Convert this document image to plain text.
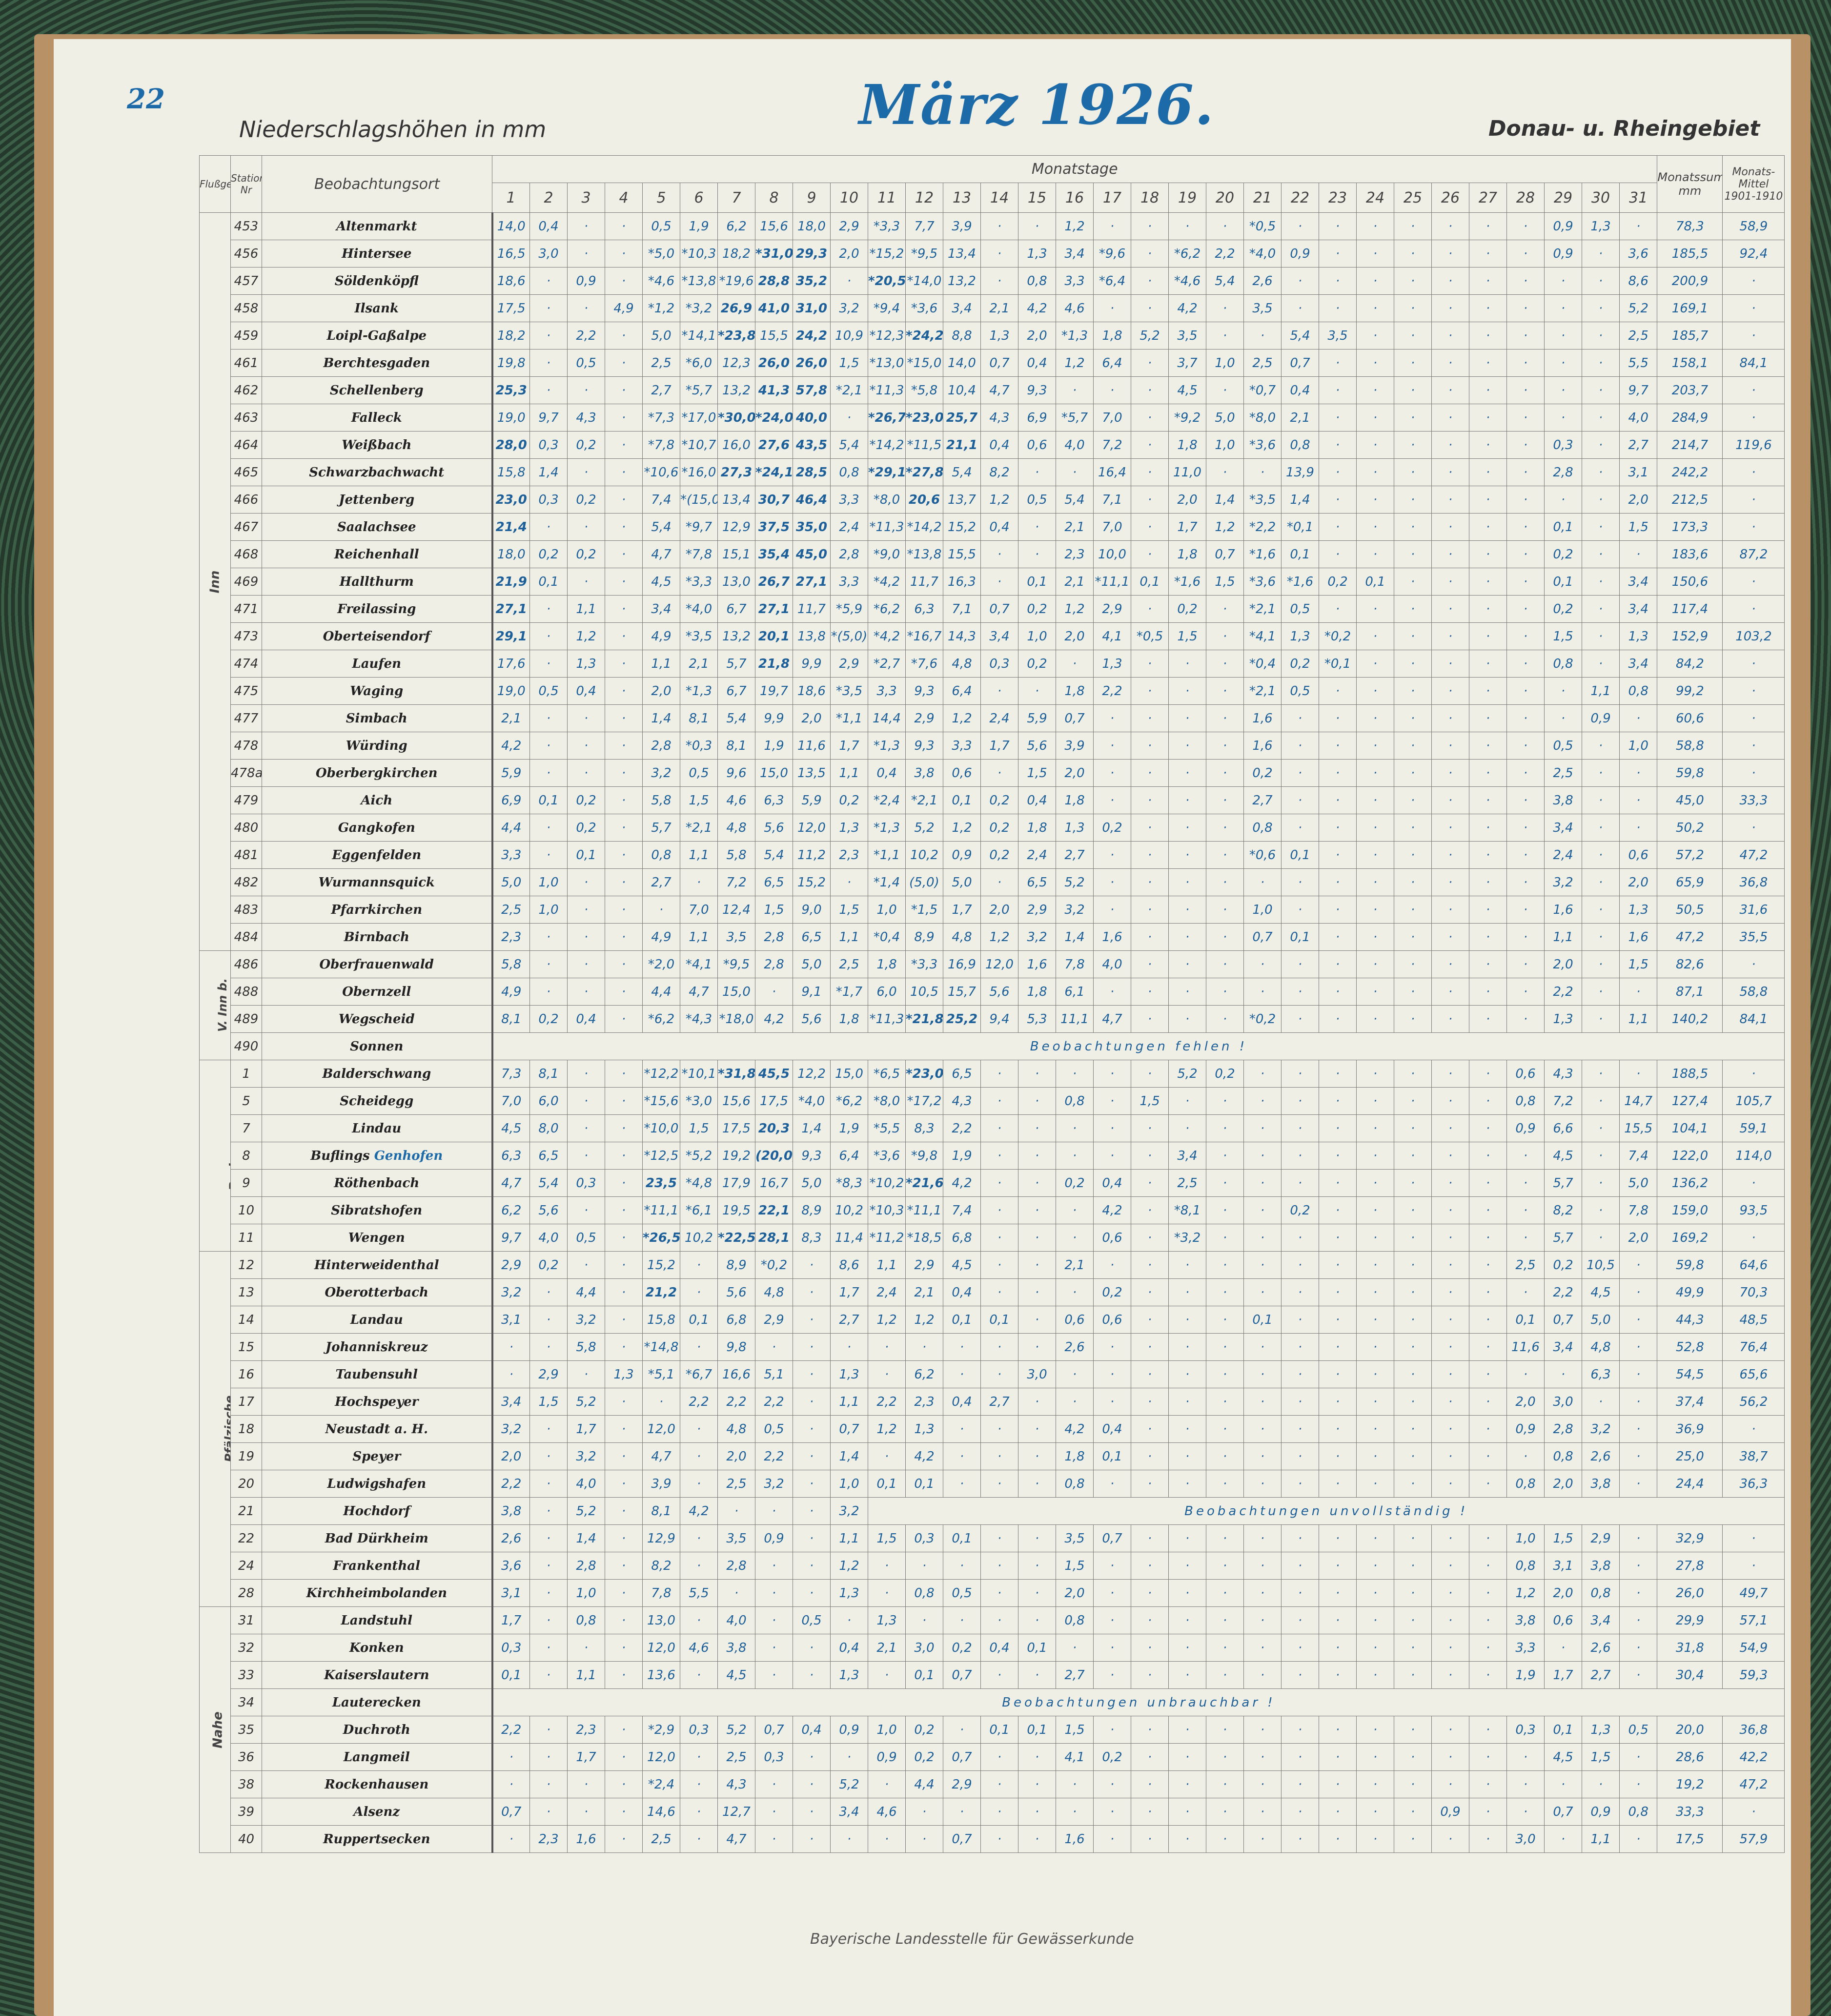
22	März 1926.
Niederschlagshöhen in mm	Donau- u. Rheingebiet
Flußg	Statio Nr	Beobachtungsort	Monatstage																															Monatssu mm	Monats-Mittel 1901-1910
			1	2	3	4	5	6	7	8	9	10	11	12	13	14	15	16	17	18	19	20	21	22	23	24	25	26	27	28	29	30	31		
Inn	453	Altenmarkt	14,0	0,4	·	·	0,5	1,9	6,2	15,6	18,0	2,9	*3,3	7,7	3,9	·	·	1,2	·	·	·	·	*0,5	·	·	·	·	·	·	·	0,9	1,3	·	78,3	58,9
	456	Hintersee	16,5	3,0	·	·	*5,0	*10,3	18,2	*31,0	29,3	2,0	*15,2	*9,5	13,4	·	1,3	3,4	*9,6	·	*6,2	2,2	*4,0	0,9	·	·	·	·	·	·	0,9	·	3,6	185,5	92,4
	457	Söldenköpfl	18,6	·	0,9	·	*4,6	*13,8	*19,6	28,8	35,2	·	*20,5	*14,0	13,2	·	0,8	3,3	*6,4	·	*4,6	5,4	2,6	·	·	·	·	·	·	·	·	·	8,6	200,9	·
	458	Ilsank	17,5	·	·	4,9	*1,2	*3,2	26,9	41,0	31,0	3,2	*9,4	*3,6	3,4	2,1	4,2	4,6	·	·	4,2	·	3,5	·	·	·	·	·	·	·	·	·	5,2	169,1	·
	459	Loipl-Gaßalpe	18,2	·	2,2	·	5,0	*14,1	*23,8	15,5	24,2	10,9	*12,3	*24,2	8,8	1,3	2,0	*1,3	1,8	5,2	3,5	·	·	5,4	3,5	·	·	·	·	·	·	·	2,5	185,7	·
	461	Berchtesgaden	19,8	·	0,5	·	2,5	*6,0	12,3	26,0	26,0	1,5	*13,0	*15,0	14,0	0,7	0,4	1,2	6,4	·	3,7	1,0	2,5	0,7	·	·	·	·	·	·	·	·	5,5	158,1	84,1
	462	Schellenberg	25,3	·	·	·	2,7	*5,7	13,2	41,3	57,8	*2,1	*11,3	*5,8	10,4	4,7	9,3	·	·	·	4,5	·	*0,7	0,4	·	·	·	·	·	·	·	·	9,7	203,7	·
	463	Falleck	19,0	9,7	4,3	·	*7,3	*17,0	*30,0	*24,0	40,0	·	*26,7	*23,0	25,7	4,3	6,9	*5,7	7,0	·	*9,2	5,0	*8,0	2,1	·	·	·	·	·	·	·	·	4,0	284,9	·
	464	Weißbach	28,0	0,3	0,2	·	*7,8	*10,7	16,0	27,6	43,5	5,4	*14,2	*11,5	21,1	0,4	0,6	4,0	7,2	·	1,8	1,0	*3,6	0,8	·	·	·	·	·	·	0,3	·	2,7	214,7	119,6
	465	Schwarzbachwacht	15,8	1,4	·	·	*10,6	*16,0	27,3	*24,1	28,5	0,8	*29,1	*27,8	5,4	8,2	·	·	16,4	·	11,0	·	·	13,9	·	·	·	·	·	·	2,8	·	3,1	242,2	·
	466	Jettenberg	23,0	0,3	0,2	·	7,4	*(15,	13,4	30,7	46,4	3,3	*8,0	20,6	13,7	1,2	0,5	5,4	7,1	·	2,0	1,4	*3,5	1,4	·	·	·	·	·	·	·	·	2,0	212,5	·
	467	Saalachsee	21,4	·	·	·	5,4	*9,7	12,9	37,5	35,0	2,4	*11,3	*14,2	15,2	0,4	·	2,1	7,0	·	1,7	1,2	*2,2	*0,1	·	·	·	·	·	·	0,1	·	1,5	173,3	·
	468	Reichenhall	18,0	0,2	0,2	·	4,7	*7,8	15,1	35,4	45,0	2,8	*9,0	*13,8	15,5	·	·	2,3	10,0	·	1,8	0,7	*1,6	0,1	·	·	·	·	·	·	0,2	·	·	183,6	87,2
	469	Hallthurm	21,9	0,1	·	·	4,5	*3,3	13,0	26,7	27,1	3,3	*4,2	11,7	16,3	·	0,1	2,1	*11,1	0,1	*1,6	1,5	*3,6	*1,6	0,2	0,1	·	·	·	·	0,1	·	3,4	150,6	·
	471	Freilassing	27,1	·	1,1	·	3,4	*4,0	6,7	27,1	11,7	*5,9	*6,2	6,3	7,1	0,7	0,2	1,2	2,9	·	0,2	·	*2,1	0,5	·	·	·	·	·	·	0,2	·	3,4	117,4	·
	473	Oberteisendorf	29,1	·	1,2	·	4,9	*3,5	13,2	20,1	13,8	*(5,0)	*4,2	*16,7	14,3	3,4	1,0	2,0	4,1	*0,5	1,5	·	*4,1	1,3	*0,2	·	·	·	·	·	1,5	·	1,3	152,9	103,2
	474	Laufen	17,6	·	1,3	·	1,1	2,1	5,7	21,8	9,9	2,9	*2,7	*7,6	4,8	0,3	0,2	·	1,3	·	·	·	*0,4	0,2	*0,1	·	·	·	·	·	0,8	·	3,4	84,2	·
	475	Waging	19,0	0,5	0,4	·	2,0	*1,3	6,7	19,7	18,6	*3,5	3,3	9,3	6,4	·	·	1,8	2,2	·	·	·	*2,1	0,5	·	·	·	·	·	·	·	1,1	0,8	99,2	·
	477	Simbach	2,1	·	·	·	1,4	8,1	5,4	9,9	2,0	*1,1	14,4	2,9	1,2	2,4	5,9	0,7	·	·	·	·	1,6	·	·	·	·	·	·	·	·	0,9	·	60,6	·
	478	Würding	4,2	·	·	·	2,8	*0,3	8,1	1,9	11,6	1,7	*1,3	9,3	3,3	1,7	5,6	3,9	·	·	·	·	1,6	·	·	·	·	·	·	·	0,5	·	1,0	58,8	·
	478a	Oberbergkirchen	5,9	·	·	·	3,2	0,5	9,6	15,0	13,5	1,1	0,4	3,8	0,6	·	1,5	2,0	·	·	·	·	0,2	·	·	·	·	·	·	·	2,5	·	·	59,8	·
	479	Aich	6,9	0,1	0,2	·	5,8	1,5	4,6	6,3	5,9	0,2	*2,4	*2,1	0,1	0,2	0,4	1,8	·	·	·	·	2,7	·	·	·	·	·	·	·	3,8	·	·	45,0	33,3
	480	Gangkofen	4,4	·	0,2	·	5,7	*2,1	4,8	5,6	12,0	1,3	*1,3	5,2	1,2	0,2	1,8	1,3	0,2	·	·	·	0,8	·	·	·	·	·	·	·	3,4	·	·	50,2	·
	481	Eggenfelden	3,3	·	0,1	·	0,8	1,1	5,8	5,4	11,2	2,3	*1,1	10,2	0,9	0,2	2,4	2,7	·	·	·	·	*0,6	0,1	·	·	·	·	·	·	2,4	·	0,6	57,2	47,2
	482	Wurmannsquick	5,0	1,0	·	·	2,7	·	7,2	6,5	15,2	·	*1,4	(5,0)	5,0	·	6,5	5,2	·	·	·	·	·	·	·	·	·	·	·	·	3,2	·	2,0	65,9	36,8
	483	Pfarrkirchen	2,5	1,0	·	·	·	7,0	12,4	1,5	9,0	1,5	1,0	*1,5	1,7	2,0	2,9	3,2	·	·	·	·	1,0	·	·	·	·	·	·	·	1,6	·	1,3	50,5	31,6
	484	Birnbach	2,3	·	·	·	4,9	1,1	3,5	2,8	6,5	1,1	*0,4	8,9	4,8	1,2	3,2	1,4	1,6	·	·	·	0,7	0,1	·	·	·	·	·	·	1,1	·	1,6	47,2	35,5
V. Inn b. zur	486	Oberfrauenwald	5,8	·	·	·	*2,0	*4,1	*9,5	2,8	5,0	2,5	1,8	*3,3	16,9	12,0	1,6	7,8	4,0	·	·	·	·	·	·	·	·	·	·	·	2,0	·	1,5	82,6	·
	488	Obernzell	4,9	·	·	·	4,4	4,7	15,0	·	9,1	*1,7	6,0	10,5	15,7	5,6	1,8	6,1	·	·	·	·	·	·	·	·	·	·	·	·	2,2	·	·	87,1	58,8
	489	Wegscheid	8,1	0,2	0,4	·	*6,2	*4,3	*18,0	4,2	5,6	1,8	*11,3	*21,8	25,2	9,4	5,3	11,1	4,7	·	·	·	*0,2	·	·	·	·	·	·	·	1,3	·	1,1	140,2	84,1
	490	Sonnen	Beobachtungen fehlen !																																
Bodensee	1	Balderschwang	7,3	8,1	·	·	*12,2	*10,1	*31,8	45,5	12,2	15,0	*6,5	*23,0	6,5	·	·	·	·	·	5,2	0,2	·	·	·	·	·	·	·	0,6	4,3	·	·	188,5	·
	5	Scheidegg	7,0	6,0	·	·	*15,6	*3,0	15,6	17,5	*4,0	*6,2	*8,0	*17,2	4,3	·	·	0,8	·	1,5	·	·	·	·	·	·	·	·	·	0,8	7,2	·	14,7	127,4	105,7
	7	Lindau	4,5	8,0	·	·	*10,0	1,5	17,5	20,3	1,4	1,9	*5,5	8,3	2,2	·	·	·	·	·	·	·	·	·	·	·	·	·	·	0,9	6,6	·	15,5	104,1	59,1
	8	Buflings Genhofen	6,3	6,5	·	·	*12,5	*5,2	19,2	(20,0	9,3	6,4	*3,6	*9,8	1,9	·	·	·	·	·	3,4	·	·	·	·	·	·	·	·	·	4,5	·	7,4	122,0	114,0
	9	Röthenbach	4,7	5,4	0,3	·	23,5	*4,8	17,9	16,7	5,0	*8,3	*10,2	*21,6	4,2	·	·	0,2	0,4	·	2,5	·	·	·	·	·	·	·	·	·	5,7	·	5,0	136,2	·
	10	Sibratshofen	6,2	5,6	·	·	*11,1	*6,1	19,5	22,1	8,9	10,2	*10,3	*11,1	7,4	·	·	·	4,2	·	*8,1	·	·	0,2	·	·	·	·	·	·	8,2	·	7,8	159,0	93,5
	11	Wengen	9,7	4,0	0,5	·	*26,5	10,2	*22,5	28,1	8,3	11,4	*11,2	*18,5	6,8	·	·	·	0,6	·	*3,2	·	·	·	·	·	·	·	·	·	5,7	·	2,0	169,2	·
Pfälzische	12	Hinterweidenthal	2,9	0,2	·	·	15,2	·	8,9	*0,2	·	8,6	1,1	2,9	4,5	·	·	2,1	·	·	·	·	·	·	·	·	·	·	·	2,5	0,2	10,5	·	59,8	64,6
	13	Oberotterbach	3,2	·	4,4	·	21,2	·	5,6	4,8	·	1,7	2,4	2,1	0,4	·	·	·	0,2	·	·	·	·	·	·	·	·	·	·	·	2,2	4,5	·	49,9	70,3
	14	Landau	3,1	·	3,2	·	15,8	0,1	6,8	2,9	·	2,7	1,2	1,2	0,1	0,1	·	0,6	0,6	·	·	·	0,1	·	·	·	·	·	·	0,1	0,7	5,0	·	44,3	48,5
	15	Johanniskreuz	·	·	5,8	·	*14,8	·	9,8	·	·	·	·	·	·	·	·	2,6	·	·	·	·	·	·	·	·	·	·	·	11,6	3,4	4,8	·	52,8	76,4
	16	Taubensuhl	·	2,9	·	1,3	*5,1	*6,7	16,6	5,1	·	1,3	·	6,2	·	·	3,0	·	·	·	·	·	·	·	·	·	·	·	·	·	·	6,3	·	54,5	65,6
	17	Hochspeyer	3,4	1,5	5,2	·	·	2,2	2,2	2,2	·	1,1	2,2	2,3	0,4	2,7	·	·	·	·	·	·	·	·	·	·	·	·	·	2,0	3,0	·	·	37,4	56,2
	18	Neustadt a. H.	3,2	·	1,7	·	12,0	·	4,8	0,5	·	0,7	1,2	1,3	·	·	·	4,2	0,4	·	·	·	·	·	·	·	·	·	·	0,9	2,8	3,2	·	36,9	·
	19	Speyer	2,0	·	3,2	·	4,7	·	2,0	2,2	·	1,4	·	4,2	·	·	·	1,8	0,1	·	·	·	·	·	·	·	·	·	·	·	0,8	2,6	·	25,0	38,7
	20	Ludwigshafen	2,2	·	4,0	·	3,9	·	2,5	3,2	·	1,0	0,1	0,1	·	·	·	0,8	·	·	·	·	·	·	·	·	·	·	·	0,8	2,0	3,8	·	24,4	36,3
	21	Hochdorf	3,8	·	5,2	·	8,1	4,2	·	·	·	3,2	Beobachtungen unvollständig !																						
	22	Bad Dürkheim	2,6	·	1,4	·	12,9	·	3,5	0,9	·	1,1	1,5	0,3	0,1	·	·	3,5	0,7	·	·	·	·	·	·	·	·	·	·	1,0	1,5	2,9	·	32,9	·
	24	Frankenthal	3,6	·	2,8	·	8,2	·	2,8	·	·	1,2	·	·	·	·	·	1,5	·	·	·	·	·	·	·	·	·	·	·	0,8	3,1	3,8	·	27,8	·
	28	Kirchheimbolanden	3,1	·	1,0	·	7,8	5,5	·	·	·	1,3	·	0,8	0,5	·	·	2,0	·	·	·	·	·	·	·	·	·	·	·	1,2	2,0	0,8	·	26,0	49,7
Nahe	31	Landstuhl	1,7	·	0,8	·	13,0	·	4,0	·	0,5	·	1,3	·	·	·	·	0,8	·	·	·	·	·	·	·	·	·	·	·	3,8	0,6	3,4	·	29,9	57,1
	32	Konken	0,3	·	·	·	12,0	4,6	3,8	·	·	0,4	2,1	3,0	0,2	0,4	0,1	·	·	·	·	·	·	·	·	·	·	·	·	3,3	·	2,6	·	31,8	54,9
	33	Kaiserslautern	0,1	·	1,1	·	13,6	·	4,5	·	·	1,3	·	0,1	0,7	·	·	2,7	·	·	·	·	·	·	·	·	·	·	·	1,9	1,7	2,7	·	30,4	59,3
	34	Lauterecken	Beobachtungen unbrauchbar !																																
	35	Duchroth	2,2	·	2,3	·	*2,9	0,3	5,2	0,7	0,4	0,9	1,0	0,2	·	0,1	0,1	1,5	·	·	·	·	·	·	·	·	·	·	·	0,3	0,1	1,3	0,5	20,0	36,8
	36	Langmeil	·	·	1,7	·	12,0	·	2,5	0,3	·	·	0,9	0,2	0,7	·	·	4,1	0,2	·	·	·	·	·	·	·	·	·	·	·	4,5	1,5	·	28,6	42,2
	38	Rockenhausen	·	·	·	·	*2,4	·	4,3	·	·	5,2	·	4,4	2,9	·	·	·	·	·	·	·	·	·	·	·	·	·	·	·	·	·	·	19,2	47,2
	39	Alsenz	0,7	·	·	·	14,6	·	12,7	·	·	3,4	4,6	·	·	·	·	·	·	·	·	·	·	·	·	·	·	0,9	·	·	0,7	0,9	0,8	33,3	·
	40	Ruppertsecken	·	2,3	1,6	·	2,5	·	4,7	·	·	·	·	·	0,7	·	·	1,6	·	·	·	·	·	·	·	·	·	·	·	3,0	·	1,1	·	17,5	57,9
Bayerische Landesstelle für Gewässerkunde
